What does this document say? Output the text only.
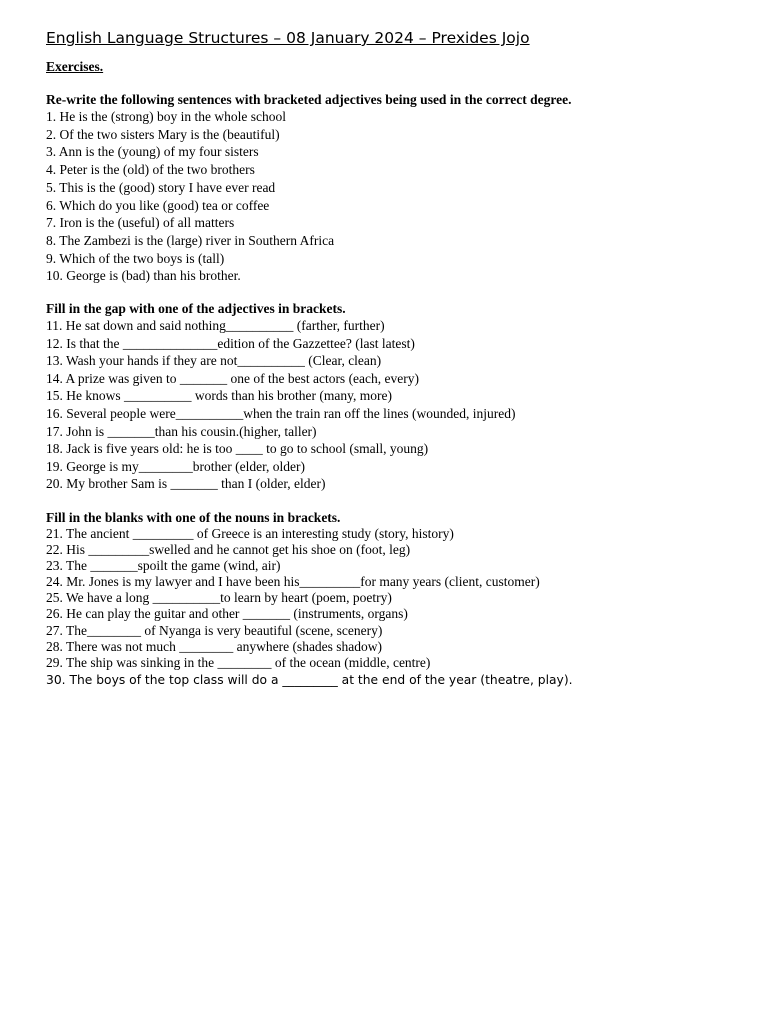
English Language Structures – 08 January 2024 – Prexides Jojo
Exercises.
Re-write the following sentences with bracketed adjectives being used in the correct degree.
1. He is the (strong) boy in the whole school
2. Of the two sisters Mary is the (beautiful)
3. Ann is the (young) of my four sisters
4. Peter is the (old) of the two brothers
5. This is the (good) story I have ever read
6. Which do you like (good) tea or coffee
7. Iron is the (useful) of all matters
8. The Zambezi is the (large) river in Southern Africa
9. Which of the two boys is (tall)
10. George is (bad) than his brother.
Fill in the gap with one of the adjectives in brackets.
11. He sat down and said nothing__________ (farther, further)
12. Is that the ______________edition of the Gazzettee? (last latest)
13. Wash your hands if they are not__________ (Clear, clean)
14. A prize was given to _______ one of the best actors (each, every)
15. He knows __________ words than his brother (many, more)
16. Several people were__________when the train ran off the lines (wounded, injured)
17. John is _______than his cousin.(higher, taller)
18. Jack is five years old: he is too ____ to go to school (small, young)
19. George is my________brother (elder, older)
20. My brother Sam is _______ than I (older, elder)
Fill in the blanks with one of the nouns in brackets.
21. The ancient _________ of Greece is an interesting study (story, history)
22. His _________swelled and he cannot get his shoe on (foot, leg)
23. The _______spoilt the game (wind, air)
24. Mr. Jones is my lawyer and I have been his_________for many years (client, customer)
25. We have a long __________to learn by heart (poem, poetry)
26. He can play the guitar and other _______ (instruments, organs)
27. The________ of Nyanga is very beautiful (scene, scenery)
28. There was not much ________ anywhere (shades shadow)
29. The ship was sinking in the ________ of the ocean (middle, centre)
30. The boys of the top class will do a _________ at the end of the year (theatre, play).
